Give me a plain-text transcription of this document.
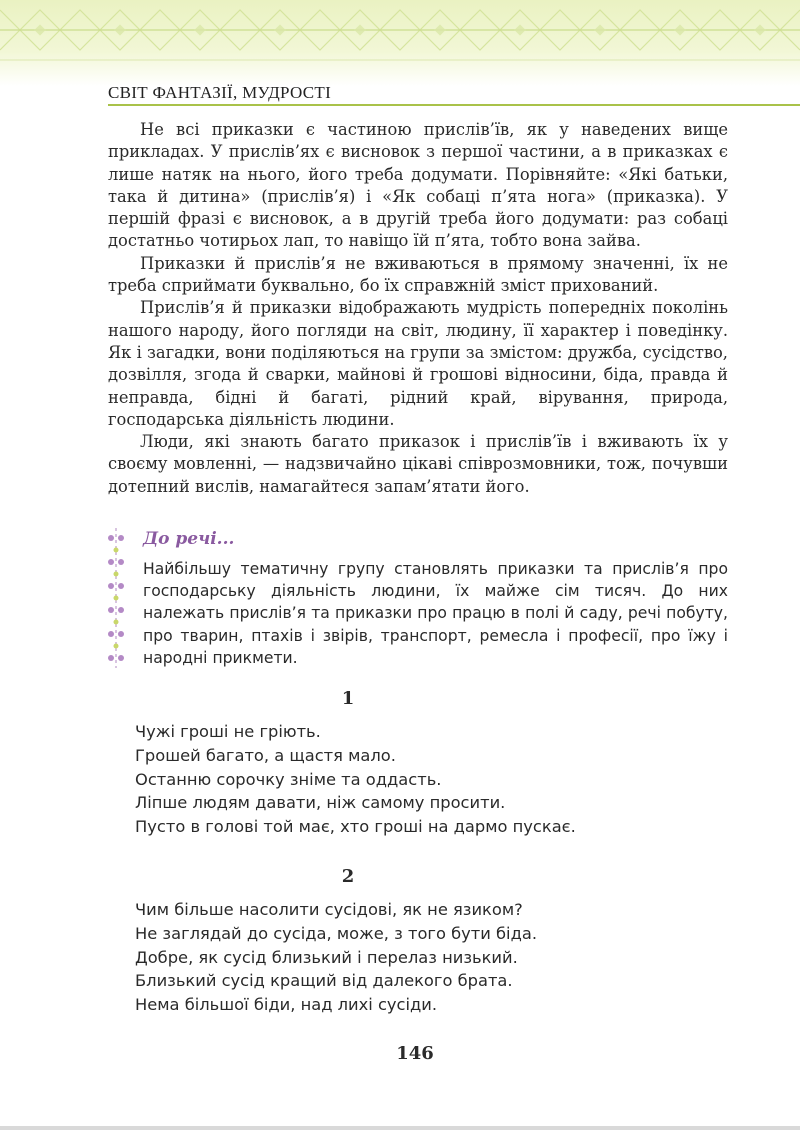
СВІТ ФАНТАЗІЇ, МУДРОСТІ

Не всі приказки є частиною прислів’їв, як у наведених вище прикладах. У прислів’ях є висновок з першої частини, а в приказках є лише натяк на нього, його треба додумати. Порівняйте: «Які батьки, така й дитина» (прислів’я) і «Як собаці п’ята нога» (приказка). У першій фразі є висновок, а в другій треба його додумати: раз собаці достатньо чотирьох лап, то навіщо їй п’ята, тобто вона зайва.

Приказки й прислів’я не вживаються в прямому значенні, їх не треба сприймати буквально, бо їх справжній зміст прихований.

Прислів’я й приказки відображають мудрість попередніх поколінь нашого народу, його погляди на світ, людину, її характер і поведінку. Як і загадки, вони поділяються на групи за змістом: дружба, сусідство, дозвілля, згода й сварки, майнові й грошові відносини, біда, правда й неправда, бідні й багаті, рідний край, вірування, природа, господарська діяльність людини.

Люди, які знають багато приказок і прислів’їв і вживають їх у своєму мовленні, — надзвичайно цікаві співрозмовники, тож, почувши дотепний вислів, намагайтеся запам’ятати його.

До речі...

Найбільшу тематичну групу становлять приказки та прислів’я про господарську діяльність людини, їх майже сім тисяч. До них належать прислів’я та приказки про працю в полі й саду, речі побуту, про тварин, птахів і звірів, транспорт, ремесла і професії, про їжу і народні прикмети.

1
Чужі гроші не гріють.
Грошей багато, а щастя мало.
Останню сорочку зніме та оддасть.
Ліпше людям давати, ніж самому просити.
Пусто в голові той має, хто гроші на дармо пускає.
2
Чим більше насолити сусідові, як не язиком?
Не заглядай до сусіда, може, з того бути біда.
Добре, як сусід близький і перелаз низький.
Близький сусід кращий від далекого брата.
Нема більшої біди, над лихі сусіди.
146
